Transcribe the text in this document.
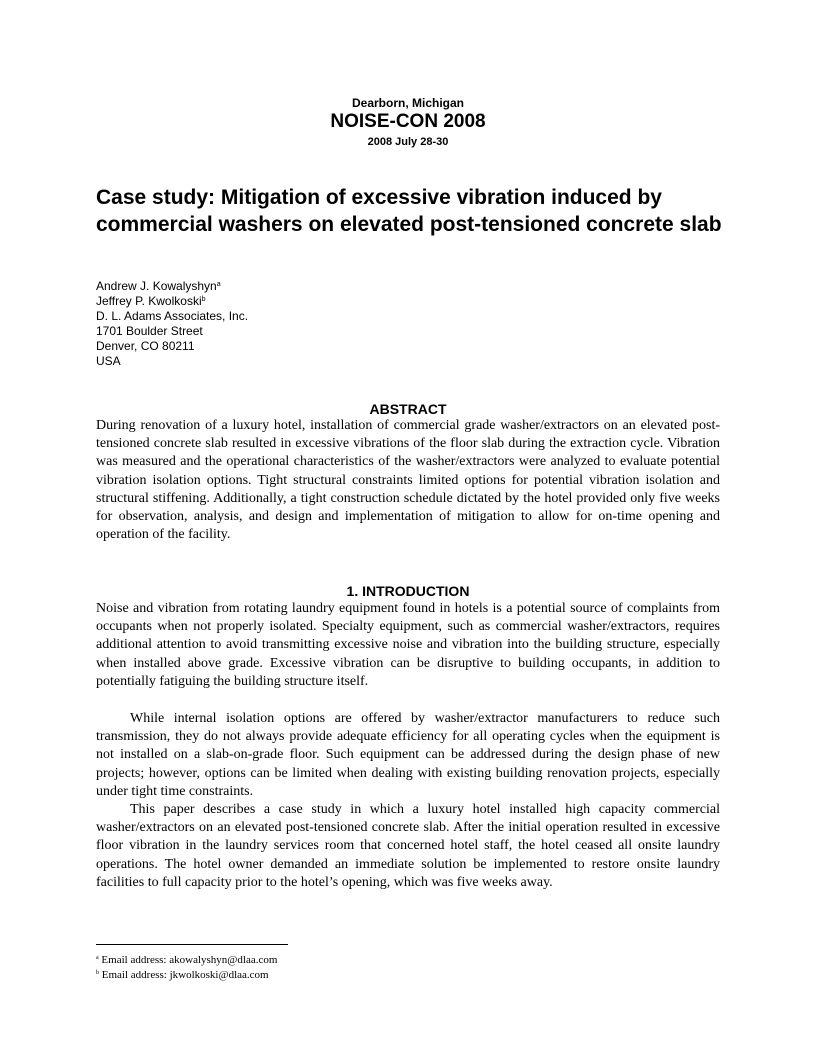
Dearborn, Michigan
NOISE-CON 2008
2008 July 28-30
Case study: Mitigation of excessive vibration induced by commercial washers on elevated post-tensioned concrete slab
Andrew J. Kowalyshyn$^a$
Jeffrey P. Kwolkoski$^b$
D. L. Adams Associates, Inc.
1701 Boulder Street
Denver, CO 80211
USA
ABSTRACT

During renovation of a luxury hotel, installation of commercial grade washer/extractors on an elevated post-tensioned concrete slab resulted in excessive vibrations of the floor slab during the extraction cycle. Vibration was measured and the operational characteristics of the washer/extractors were analyzed to evaluate potential vibration isolation options. Tight structural constraints limited options for potential vibration isolation and structural stiffening. Additionally, a tight construction schedule dictated by the hotel provided only five weeks for observation, analysis, and design and implementation of mitigation to allow for on-time opening and operation of the facility.

1. INTRODUCTION

Noise and vibration from rotating laundry equipment found in hotels is a potential source of complaints from occupants when not properly isolated. Specialty equipment, such as commercial washer/extractors, requires additional attention to avoid transmitting excessive noise and vibration into the building structure, especially when installed above grade. Excessive vibration can be disruptive to building occupants, in addition to potentially fatiguing the building structure itself.

While internal isolation options are offered by washer/extractor manufacturers to reduce such transmission, they do not always provide adequate efficiency for all operating cycles when the equipment is not installed on a slab-on-grade floor. Such equipment can be addressed during the design phase of new projects; however, options can be limited when dealing with existing building renovation projects, especially under tight time constraints.

This paper describes a case study in which a luxury hotel installed high capacity commercial washer/extractors on an elevated post-tensioned concrete slab. After the initial operation resulted in excessive floor vibration in the laundry services room that concerned hotel staff, the hotel ceased all onsite laundry operations. The hotel owner demanded an immediate solution be implemented to restore onsite laundry facilities to full capacity prior to the hotel’s opening, which was five weeks away.

$^a$ Email address: akowalyshyn@dlaa.com
$^b$ Email address: jkwolkoski@dlaa.com
